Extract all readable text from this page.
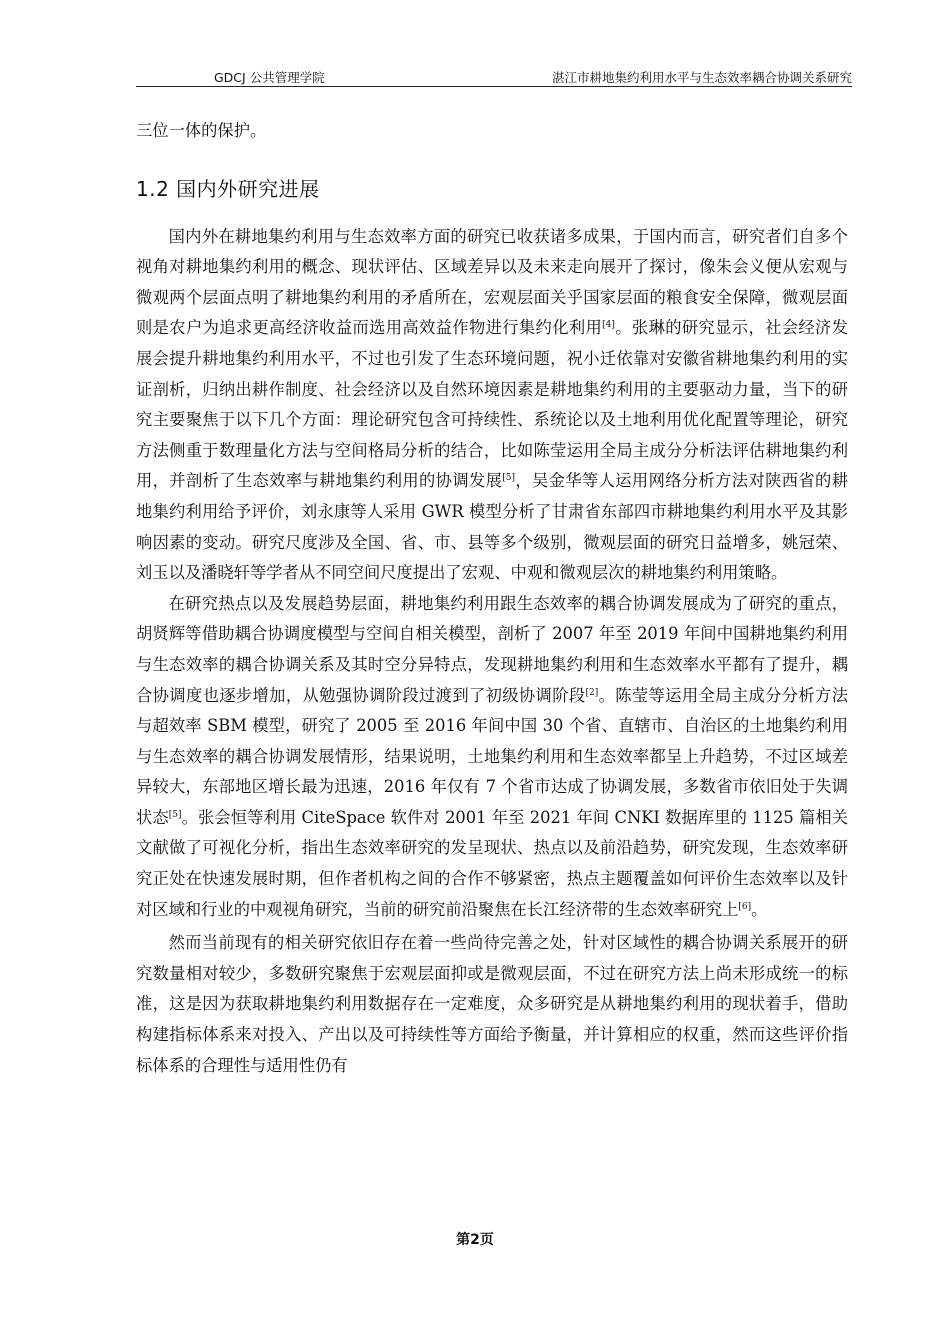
GDCJ 公共管理学院	湛江市耕地集约利用水平与生态效率耦合协调关系研究

三位一体的保护。

1.2 国内外研究进展

国内外在耕地集约利用与生态效率方面的研究已收获诸多成果，于国内而言，研究者们自多个视角对耕地集约利用的概念、现状评估、区域差异以及未来走向展开了探讨，像朱会义便从宏观与微观两个层面点明了耕地集约利用的矛盾所在，宏观层面关乎国家层面的粮食安全保障，微观层面则是农户为追求更高经济收益而选用高效益作物进行集约化利用[4]。张琳的研究显示，社会经济发展会提升耕地集约利用水平，不过也引发了生态环境问题，祝小迁依靠对安徽省耕地集约利用的实证剖析，归纳出耕作制度、社会经济以及自然环境因素是耕地集约利用的主要驱动力量，当下的研究主要聚焦于以下几个方面：理论研究包含可持续性、系统论以及土地利用优化配置等理论，研究方法侧重于数理量化方法与空间格局分析的结合，比如陈莹运用全局主成分分析法评估耕地集约利用，并剖析了生态效率与耕地集约利用的协调发展[5]，吴金华等人运用网络分析方法对陕西省的耕地集约利用给予评价，刘永康等人采用 GWR 模型分析了甘肃省东部四市耕地集约利用水平及其影响因素的变动。研究尺度涉及全国、省、市、县等多个级别，微观层面的研究日益增多，姚冠荣、刘玉以及潘晓轩等学者从不同空间尺度提出了宏观、中观和微观层次的耕地集约利用策略。

在研究热点以及发展趋势层面，耕地集约利用跟生态效率的耦合协调发展成为了研究的重点，胡贤辉等借助耦合协调度模型与空间自相关模型，剖析了 2007 年至 2019 年间中国耕地集约利用与生态效率的耦合协调关系及其时空分异特点，发现耕地集约利用和生态效率水平都有了提升，耦合协调度也逐步增加，从勉强协调阶段过渡到了初级协调阶段[2]。陈莹等运用全局主成分分析方法与超效率 SBM 模型，研究了 2005 至 2016 年间中国 30 个省、直辖市、自治区的土地集约利用与生态效率的耦合协调发展情形，结果说明，土地集约利用和生态效率都呈上升趋势，不过区域差异较大，东部地区增长最为迅速，2016 年仅有 7 个省市达成了协调发展，多数省市依旧处于失调状态[5]。张会恒等利用 CiteSpace 软件对 2001 年至 2021 年间 CNKI 数据库里的 1125 篇相关文献做了可视化分析，指出生态效率研究的发呈现状、热点以及前沿趋势，研究发现，生态效率研究正处在快速发展时期，但作者机构之间的合作不够紧密，热点主题覆盖如何评价生态效率以及针对区域和行业的中观视角研究，当前的研究前沿聚焦在长江经济带的生态效率研究上[6]。

然而当前现有的相关研究依旧存在着一些尚待完善之处，针对区域性的耦合协调关系展开的研究数量相对较少，多数研究聚焦于宏观层面抑或是微观层面，不过在研究方法上尚未形成统一的标准，这是因为获取耕地集约利用数据存在一定难度，众多研究是从耕地集约利用的现状着手，借助构建指标体系来对投入、产出以及可持续性等方面给予衡量，并计算相应的权重，然而这些评价指标体系的合理性与适用性仍有

第2页
